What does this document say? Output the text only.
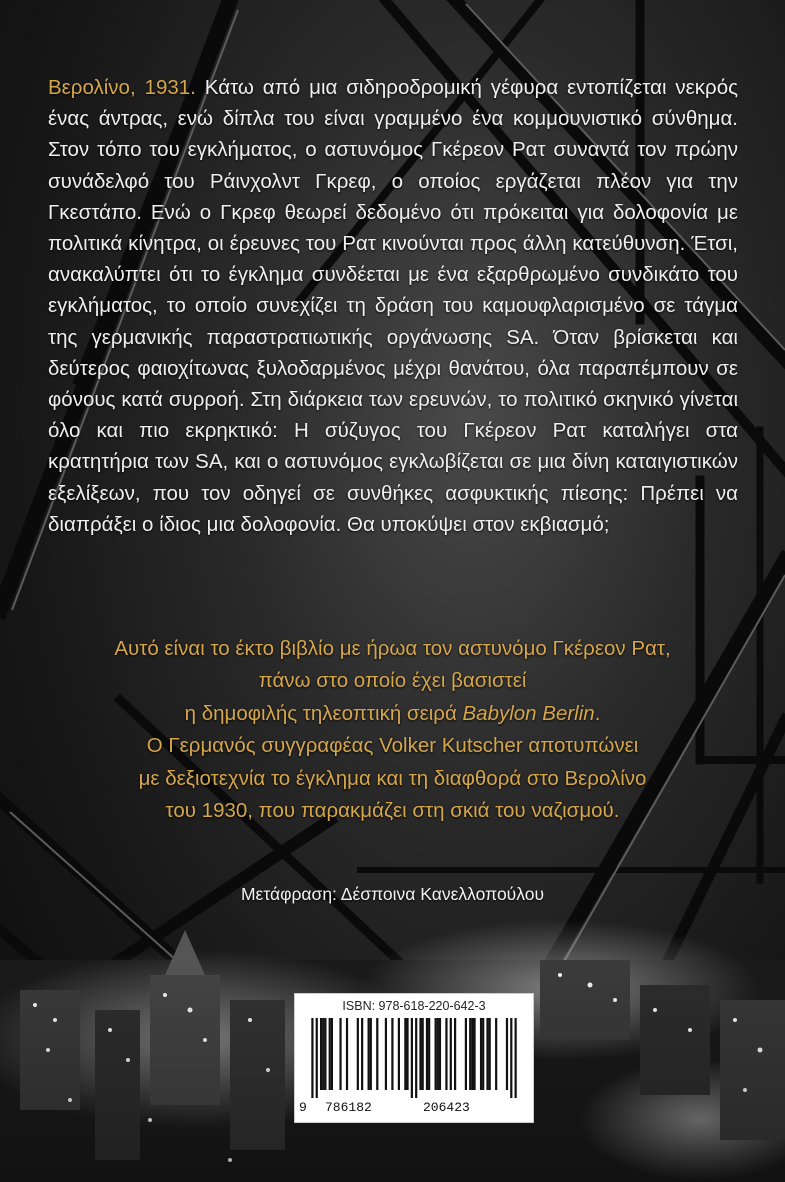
Βερολίνο, 1931. Κάτω από μια σιδηροδρομική γέφυρα εντοπίζεται νεκρός ένας άντρας, ενώ δίπλα του είναι γραμμένο ένα κομμουνιστικό σύνθημα. Στον τόπο του εγκλήματος, ο αστυνόμος Γκέρεον Ρατ συναντά τον πρώην συνάδελφό του Ράινχολντ Γκρεφ, ο οποίος εργάζεται πλέον για την Γκεστάπο. Ενώ ο Γκρεφ θεωρεί δεδομένο ότι πρόκειται για δολοφονία με πολιτικά κίνητρα, οι έρευνες του Ρατ κινούνται προς άλλη κατεύθυνση. Έτσι, ανακαλύπτει ότι το έγκλημα συνδέεται με ένα εξαρθρωμένο συνδικάτο του εγκλήματος, το οποίο συνεχίζει τη δράση του καμουφλαρισμένο σε τάγμα της γερμανικής παραστρατιωτικής οργάνωσης SA. Όταν βρίσκεται και δεύτερος φαιοχίτωνας ξυλοδαρμένος μέχρι θανάτου, όλα παραπέμπουν σε φόνους κατά συρροή. Στη διάρκεια των ερευνών, το πολιτικό σκηνικό γίνεται όλο και πιο εκρηκτικό: Η σύζυγος του Γκέρεον Ρατ καταλήγει στα κρατητήρια των SA, και ο αστυνόμος εγκλωβίζεται σε μια δίνη καταιγιστικών εξελίξεων, που τον οδηγεί σε συνθήκες ασφυκτικής πίεσης: Πρέπει να διαπράξει ο ίδιος μια δολοφονία. Θα υποκύψει στον εκβιασμό;

Αυτό είναι το έκτο βιβλίο με ήρωα τον αστυνόμο Γκέρεον Ρατ,
πάνω στο οποίο έχει βασιστεί
η δημοφιλής τηλεοπτική σειρά Babylon Berlin.
Ο Γερμανός συγγραφέας Volker Kutscher αποτυπώνει
με δεξιοτεχνία το έγκλημα και τη διαφθορά στο Βερολίνο
του 1930, που παρακμάζει στη σκιά του ναζισμού.
Μετάφραση: Δέσποινα Κανελλοπούλου
ISBN: 978-618-220-642-3
9 786182	206423
